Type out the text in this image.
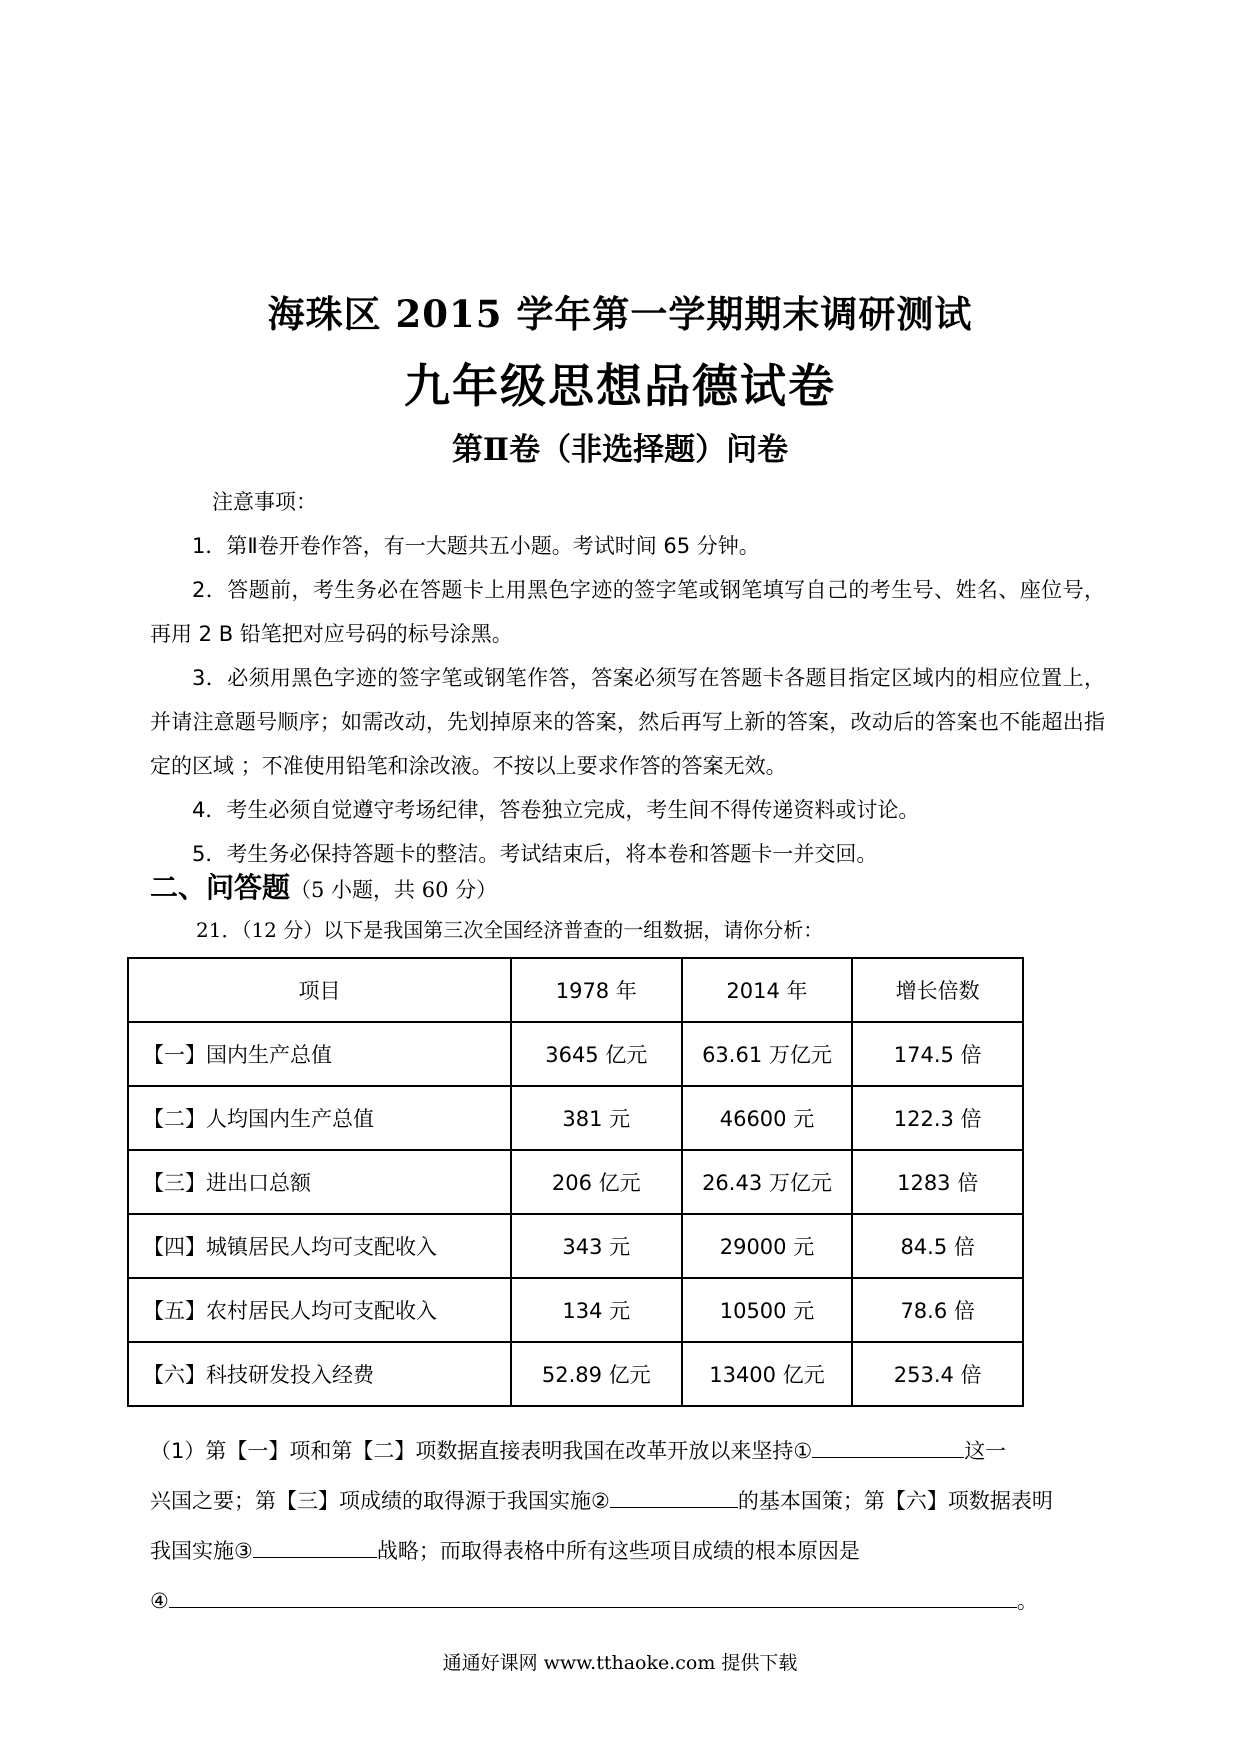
海珠区 2015 学年第一学期期末调研测试
九年级思想品德试卷
第Ⅱ卷（非选择题）问卷
注意事项：

1．第Ⅱ卷开卷作答，有一大题共五小题。考试时间 65 分钟。

2．答题前，考生务必在答题卡上用黑色字迹的签字笔或钢笔填写自己的考生号、姓名、座位号，再用 2 B 铅笔把对应号码的标号涂黑。

3．必须用黑色字迹的签字笔或钢笔作答，答案必须写在答题卡各题目指定区域内的相应位置上，并请注意题号顺序；如需改动，先划掉原来的答案，然后再写上新的答案，改动后的答案也不能超出指定的区域 ；不准使用铅笔和涂改液。不按以上要求作答的答案无效。

4．考生必须自觉遵守考场纪律，答卷独立完成，考生间不得传递资料或讨论。

5．考生务必保持答题卡的整洁。考试结束后，将本卷和答题卡一并交回。

二、问答题（5 小题，共 60 分）
21．（12 分）以下是我国第三次全国经济普查的一组数据，请你分析：
项目	1978 年	2014 年	增长倍数
【一】国内生产总值	3645 亿元	63.61 万亿元	174.5 倍
【二】人均国内生产总值	381 元	46600 元	122.3 倍
【三】进出口总额	206 亿元	26.43 万亿元	1283 倍
【四】城镇居民人均可支配收入	343 元	29000 元	84.5 倍
【五】农村居民人均可支配收入	134 元	10500 元	78.6 倍
【六】科技研发投入经费	52.89 亿元	13400 亿元	253.4 倍

（1）第【一】项和第【二】项数据直接表明我国在改革开放以来坚持①	这一

兴国之要；第【三】项成绩的取得源于我国实施②	的基本国策；第【六】项数据表明

我国实施③	战略；而取得表格中所有这些项目成绩的根本原因是

④	。

通通好课网 www.tthaoke.com 提供下载
